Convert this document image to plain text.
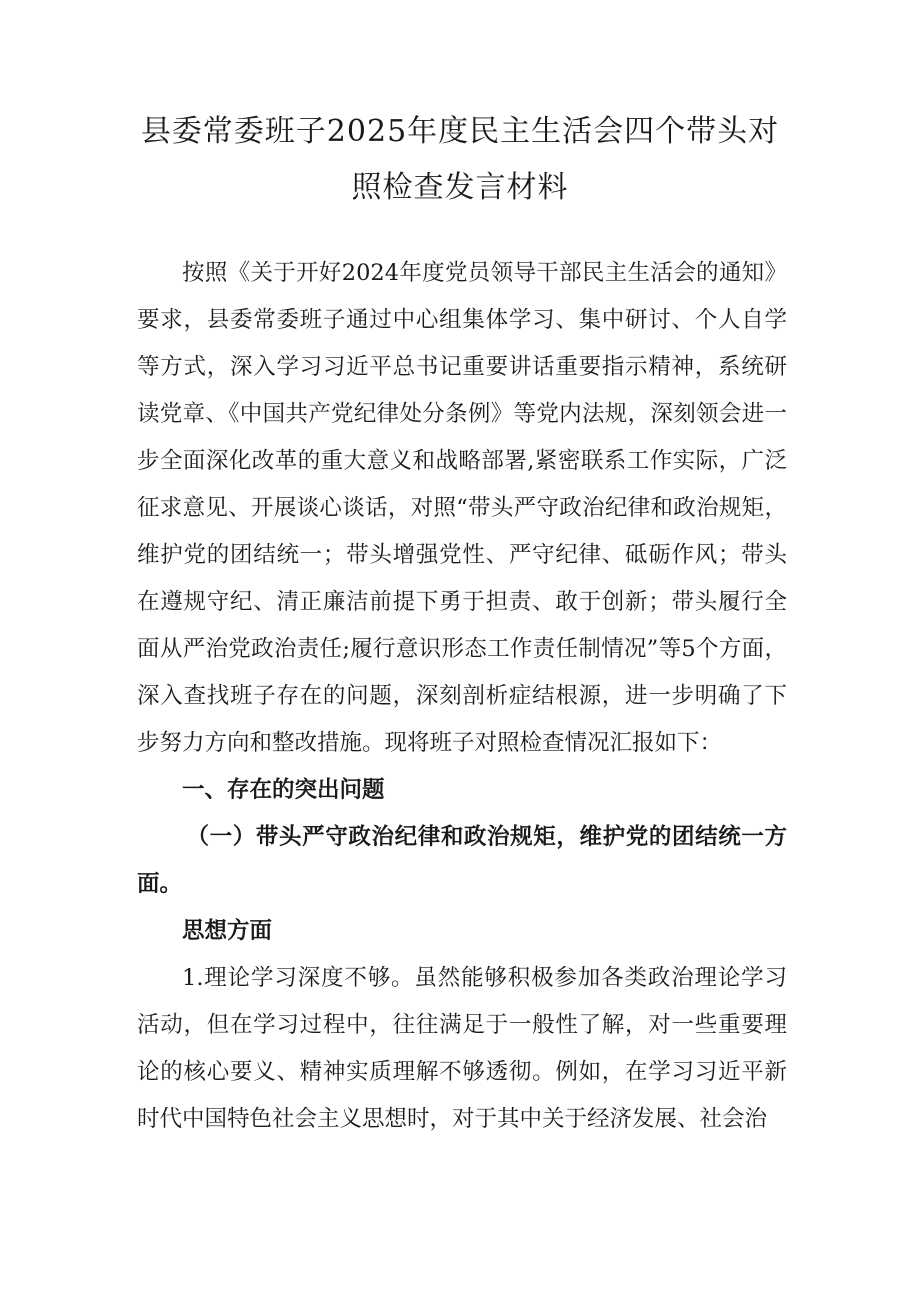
县委常委班子2025年度民主生活会四个带头对
照检查发言材料

按照《关于开好2024年度党员领导干部民主生活会的通知》要求，县委常委班子通过中心组集体学习、集中研讨、个人自学等方式，深入学习习近平总书记重要讲话重要指示精神，系统研读党章、《中国共产党纪律处分条例》等党内法规，深刻领会进一步全面深化改革的重大意义和战略部署,紧密联系工作实际，广泛征求意见、开展谈心谈话，对照“带头严守政治纪律和政治规矩，维护党的团结统一；带头增强党性、严守纪律、砥砺作风；带头在遵规守纪、清正廉洁前提下勇于担责、敢于创新；带头履行全面从严治党政治责任;履行意识形态工作责任制情况”等5个方面，深入查找班子存在的问题，深刻剖析症结根源，进一步明确了下步努力方向和整改措施。现将班子对照检查情况汇报如下：

一、存在的突出问题

（一）带头严守政治纪律和政治规矩，维护党的团结统一方面。

思想方面

1.理论学习深度不够。虽然能够积极参加各类政治理论学习活动，但在学习过程中，往往满足于一般性了解，对一些重要理论的核心要义、精神实质理解不够透彻。例如，在学习习近平新时代中国特色社会主义思想时，对于其中关于经济发展、社会治
